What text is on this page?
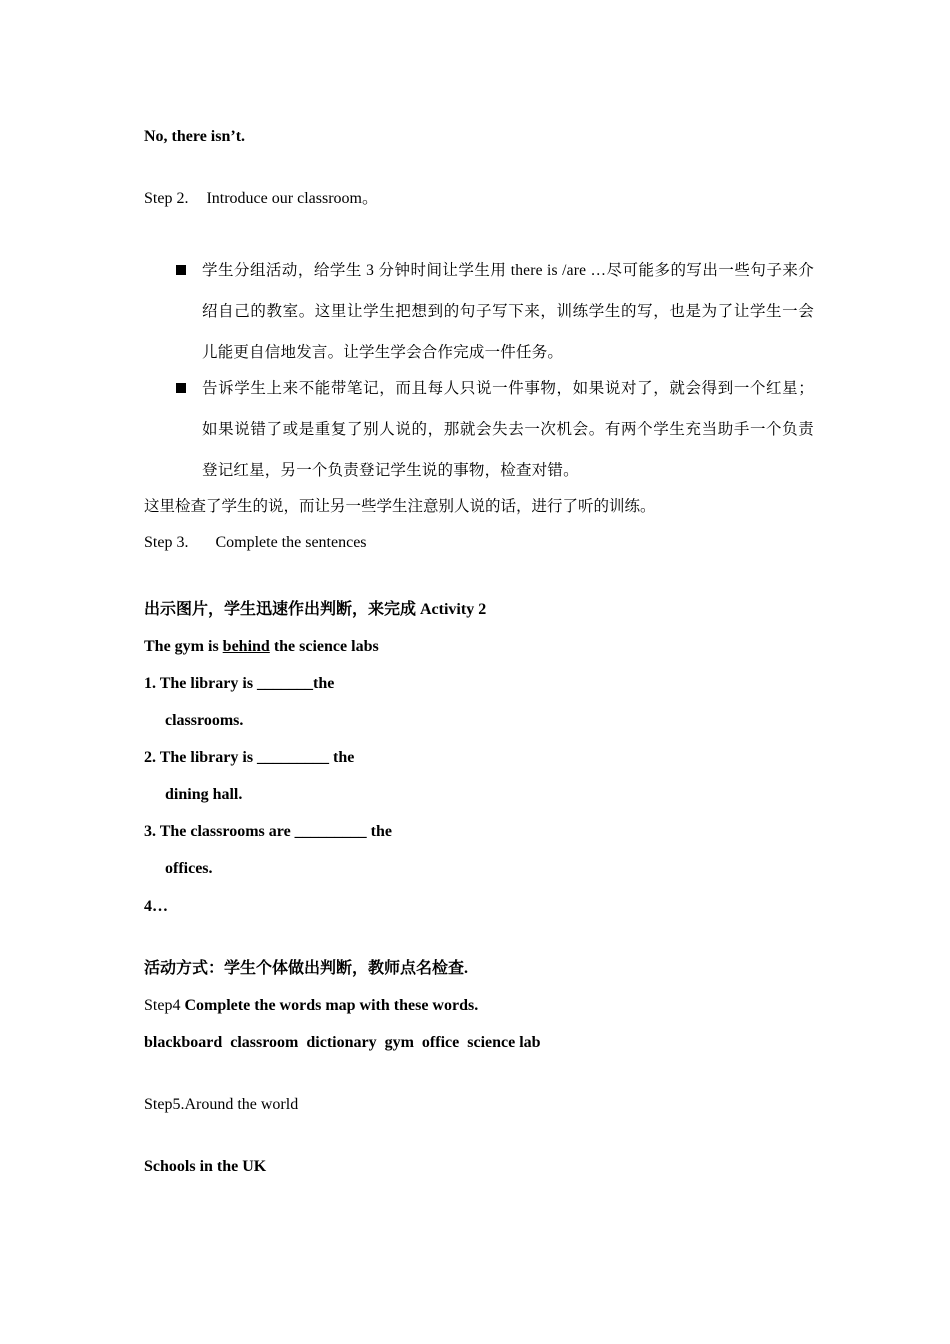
No, there isn’t.
Step 2. Introduce our classroom。
学生分组活动，给学生 3 分钟时间让学生用 there is /are …尽可能多的写出一些句子来介绍自己的教室。这里让学生把想到的句子写下来，训练学生的写，也是为了让学生一会儿能更自信地发言。让学生学会合作完成一件任务。
告诉学生上来不能带笔记，而且每人只说一件事物，如果说对了，就会得到一个红星；如果说错了或是重复了别人说的，那就会失去一次机会。有两个学生充当助手一个负责登记红星，另一个负责登记学生说的事物，检查对错。
这里检查了学生的说，而让另一些学生注意别人说的话，进行了听的训练。
Step 3. Complete the sentences
出示图片，学生迅速作出判断，来完成 Activity 2
The gym is behind the science labs
1. The library is _______the
classrooms.
2. The library is _________ the
dining hall.
3. The classrooms are _________ the
offices.
4…
活动方式：学生个体做出判断，教师点名检查.
Step4 Complete the words map with these words.
blackboard  classroom  dictionary  gym  office  science lab
Step5.Around the world
Schools in the UK
